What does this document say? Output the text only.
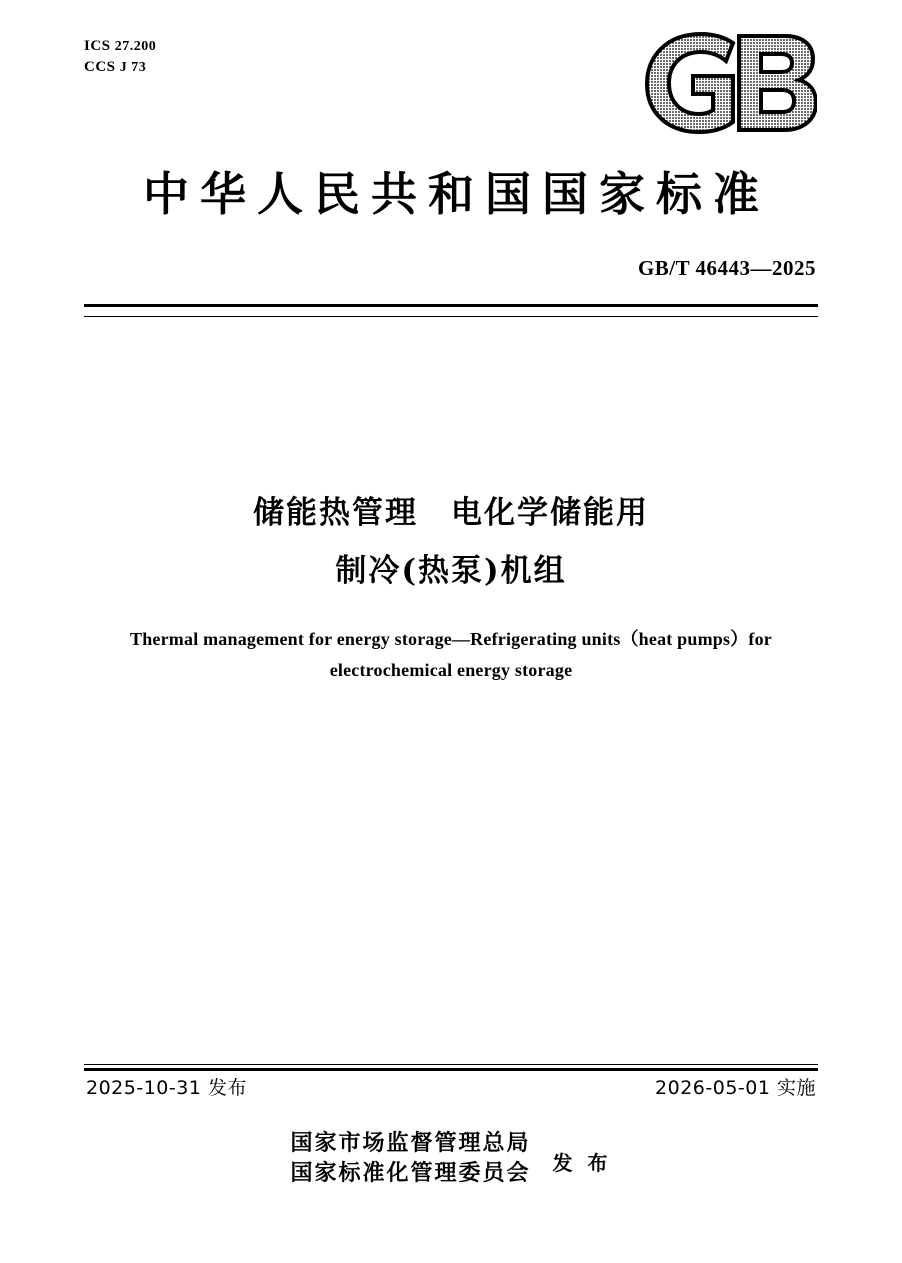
ICS 27.200
CCS J 73
中华人民共和国国家标准
GB/T 46443—2025
储能热管理　电化学储能用
制冷(热泵)机组
Thermal management for energy storage—Refrigerating units（heat pumps）for
electrochemical energy storage
2025-10-31 发布	2026-05-01 实施
国家市场监督管理总局
国家标准化管理委员会 发 布
